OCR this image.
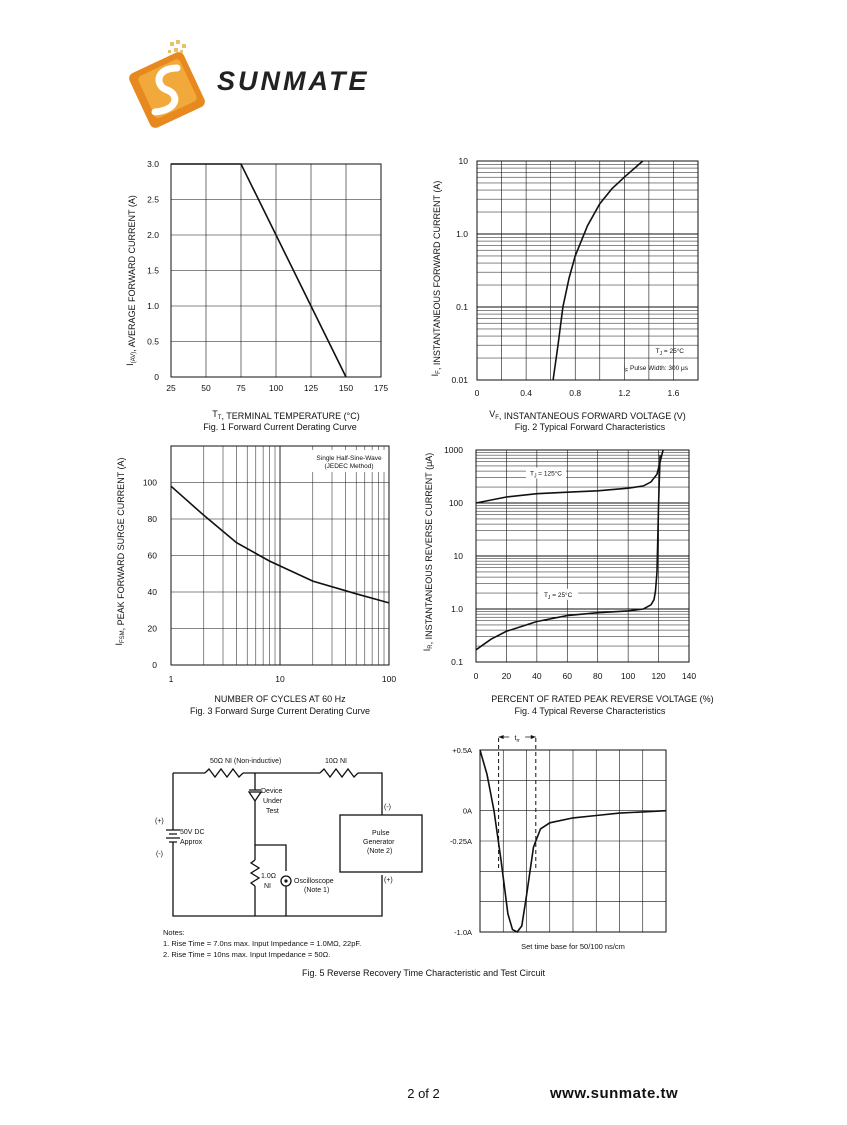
SUNMATE
25	50	75	100 125 150 175
0
0.5
1.0
1.5
2.0
2.5
3.0
$T_T$, TERMINAL TEMPERATURE (°C)
$I_{(AV)}$, AVERAGE FORWARD CURRENT (A)
0	0.4	0.8	1.2	1.6
0.01
0.1
1.0
10
$T_J = 25^\circ C$
$I_F$ Pulse Width: 300 μs
$V_F$, INSTANTANEOUS FORWARD VOLTAGE (V)
$I_F$, INSTANTANEOUS FORWARD CURRENT (A)
1	10	100
0
20
40
60
80
100
Single Half-Sine-Wave
(JEDEC Method)
NUMBER OF CYCLES AT 60 Hz
$I_{FSM}$, PEAK FORWARD SURGE CURRENT (A)
0	20 40 60 80 100 120 140
0.1
1.0
10
100
1000
$T_J = 125^\circ C$
$T_J = 25^\circ C$
PERCENT OF RATED PEAK REVERSE VOLTAGE (%)
$I_R$, INSTANTANEOUS REVERSE CURRENT (μA)
Fig. 1 Forward Current Derating Curve	Fig. 2 Typical Forward Characteristics
Fig. 3 Forward Surge Current Derating Curve	Fig. 4 Typical Reverse Characteristics
50Ω NI (Non-inductive)	10Ω NI
Device
Under
Test
50V DC
Approx
(+)
(-)
(-)
(+)
Pulse
Generator
(Note 2)
1.0Ω
NI
Oscilloscope
(Note 1)
Notes:
1. Rise Time = 7.0ns max. Input Impedance = 1.0MΩ, 22pF.
2. Rise Time = 10ns max. Input Impedance = 50Ω.
+0.5A
0A
-0.25A
-1.0A
$t_{rr}$
Set time base for 50/100 ns/cm
Fig. 5 Reverse Recovery Time Characteristic and Test Circuit
2 of 2	www.sunmate.tw
